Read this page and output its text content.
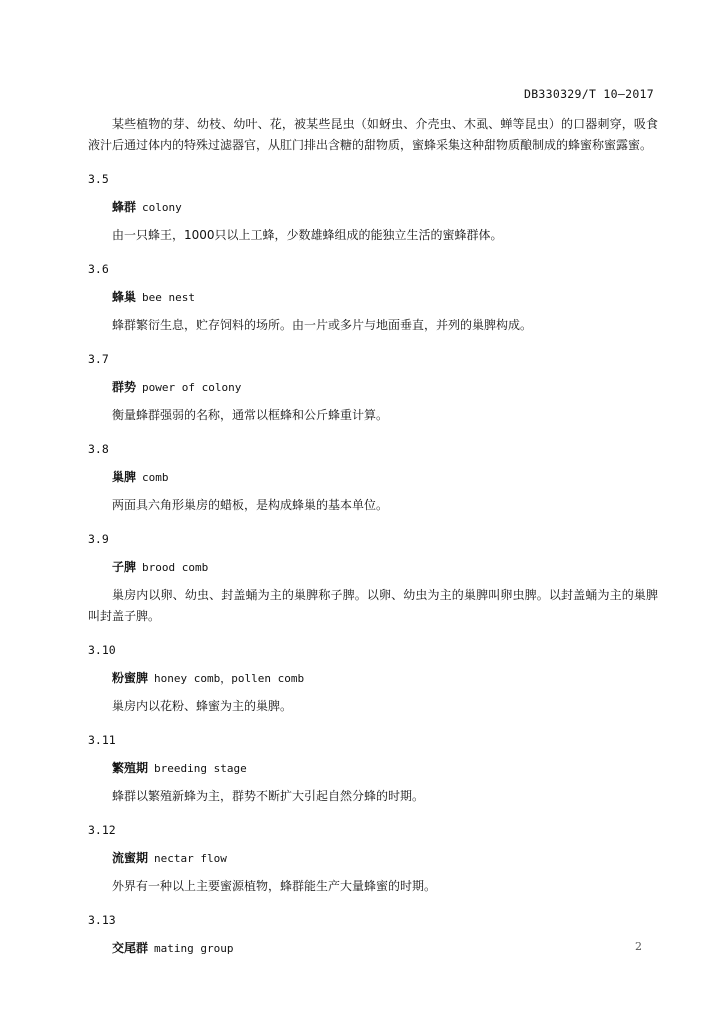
DB330329/T 10—2017

某些植物的芽、幼枝、幼叶、花，被某些昆虫（如蚜虫、介壳虫、木虱、蝉等昆虫）的口器刺穿，吸食液汁后通过体内的特殊过滤器官，从肛门排出含糖的甜物质，蜜蜂采集这种甜物质酿制成的蜂蜜称蜜露蜜。

3.5
蜂群 colony

由一只蜂王，1000只以上工蜂，少数雄蜂组成的能独立生活的蜜蜂群体。

3.6
蜂巢 bee nest

蜂群繁衍生息，贮存饲料的场所。由一片或多片与地面垂直，并列的巢脾构成。

3.7
群势 power of colony

衡量蜂群强弱的名称，通常以框蜂和公斤蜂重计算。

3.8
巢脾 comb

两面具六角形巢房的蜡板，是构成蜂巢的基本单位。

3.9
子脾 brood comb

巢房内以卵、幼虫、封盖蛹为主的巢脾称子脾。以卵、幼虫为主的巢脾叫卵虫脾。以封盖蛹为主的巢脾叫封盖子脾。

3.10
粉蜜脾 honey comb，pollen comb

巢房内以花粉、蜂蜜为主的巢脾。

3.11
繁殖期 breeding stage

蜂群以繁殖新蜂为主，群势不断扩大引起自然分蜂的时期。

3.12
流蜜期 nectar flow

外界有一种以上主要蜜源植物，蜂群能生产大量蜂蜜的时期。

3.13
交尾群 mating group	2
